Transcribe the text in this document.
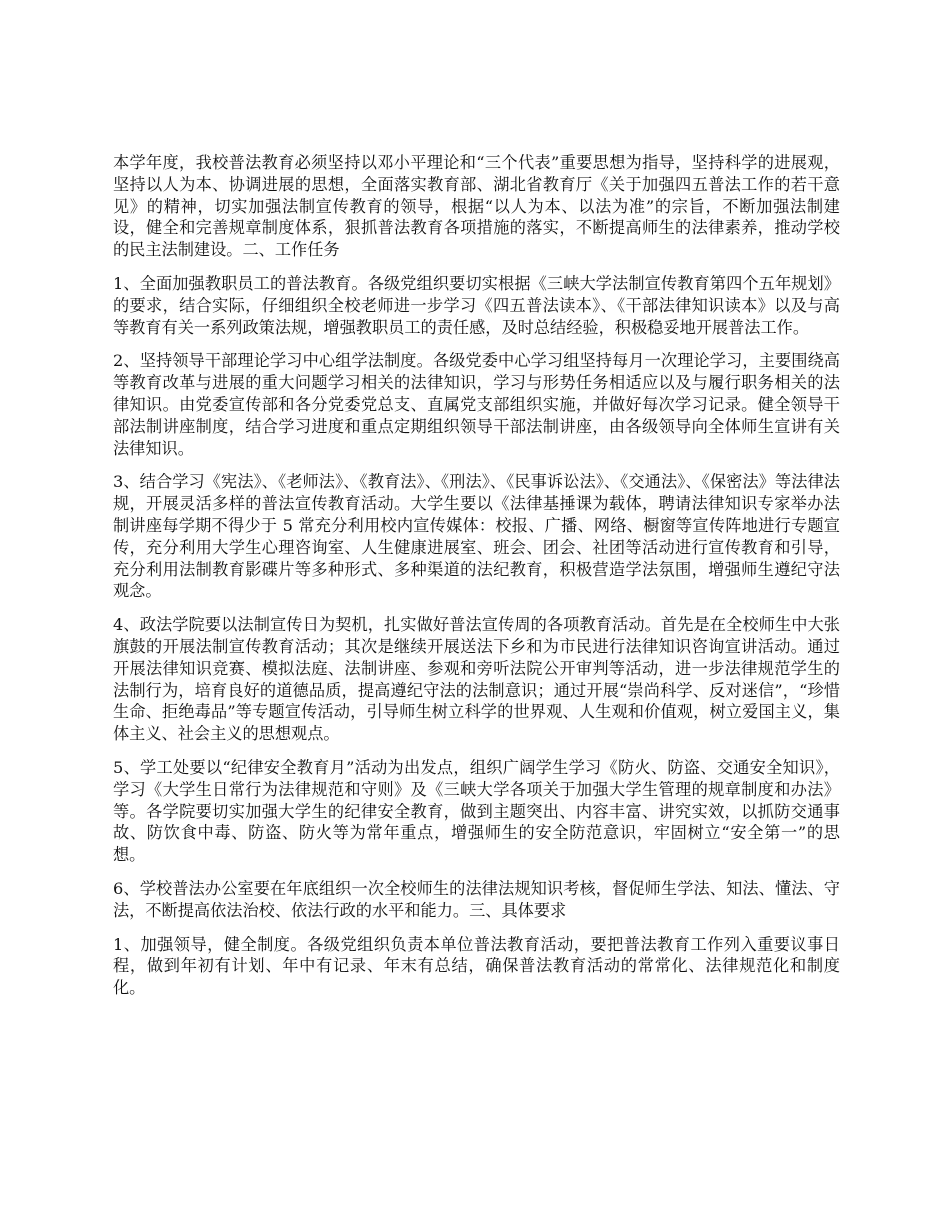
本学年度，我校普法教育必须坚持以邓小平理论和“三个代表”重要思想为指导，坚持科学的进展观，坚持以人为本、协调进展的思想，全面落实教育部、湖北省教育厅《关于加强四五普法工作的若干意见》的精神，切实加强法制宣传教育的领导，根据“以人为本、以法为准”的宗旨，不断加强法制建设，健全和完善规章制度体系，狠抓普法教育各项措施的落实，不断提高师生的法律素养，推动学校的民主法制建设。二、工作任务

1、全面加强教职员工的普法教育。各级党组织要切实根据《三峡大学法制宣传教育第四个五年规划》的要求，结合实际，仔细组织全校老师进一步学习《四五普法读本》、《干部法律知识读本》以及与高等教育有关一系列政策法规，增强教职员工的责任感，及时总结经验，积极稳妥地开展普法工作。

2、坚持领导干部理论学习中心组学法制度。各级党委中心学习组坚持每月一次理论学习，主要围绕高等教育改革与进展的重大问题学习相关的法律知识，学习与形势任务相适应以及与履行职务相关的法律知识。由党委宣传部和各分党委党总支、直属党支部组织实施，并做好每次学习记录。健全领导干部法制讲座制度，结合学习进度和重点定期组织领导干部法制讲座，由各级领导向全体师生宣讲有关法律知识。

3、结合学习《宪法》、《老师法》、《教育法》、《刑法》、《民事诉讼法》、《交通法》、《保密法》等法律法规，开展灵活多样的普法宣传教育活动。大学生要以《法律基捶课为载体，聘请法律知识专家举办法制讲座每学期不得少于 5 常充分利用校内宣传媒体：校报、广播、网络、橱窗等宣传阵地进行专题宣传，充分利用大学生心理咨询室、人生健康进展室、班会、团会、社团等活动进行宣传教育和引导，充分利用法制教育影碟片等多种形式、多种渠道的法纪教育，积极营造学法氛围，增强师生遵纪守法观念。

4、政法学院要以法制宣传日为契机，扎实做好普法宣传周的各项教育活动。首先是在全校师生中大张旗鼓的开展法制宣传教育活动；其次是继续开展送法下乡和为市民进行法律知识咨询宣讲活动。通过开展法律知识竞赛、模拟法庭、法制讲座、参观和旁听法院公开审判等活动，进一步法律规范学生的法制行为，培育良好的道德品质，提高遵纪守法的法制意识；通过开展“崇尚科学、反对迷信”，“珍惜生命、拒绝毒品”等专题宣传活动，引导师生树立科学的世界观、人生观和价值观，树立爱国主义，集体主义、社会主义的思想观点。

5、学工处要以“纪律安全教育月”活动为出发点，组织广阔学生学习《防火、防盗、交通安全知识》，学习《大学生日常行为法律规范和守则》及《三峡大学各项关于加强大学生管理的规章制度和办法》等。各学院要切实加强大学生的纪律安全教育，做到主题突出、内容丰富、讲究实效，以抓防交通事故、防饮食中毒、防盗、防火等为常年重点，增强师生的安全防范意识，牢固树立“安全第一”的思想。

6、学校普法办公室要在年底组织一次全校师生的法律法规知识考核，督促师生学法、知法、懂法、守法，不断提高依法治校、依法行政的水平和能力。三、具体要求

1、加强领导，健全制度。各级党组织负责本单位普法教育活动，要把普法教育工作列入重要议事日程，做到年初有计划、年中有记录、年末有总结，确保普法教育活动的常常化、法律规范化和制度化。
